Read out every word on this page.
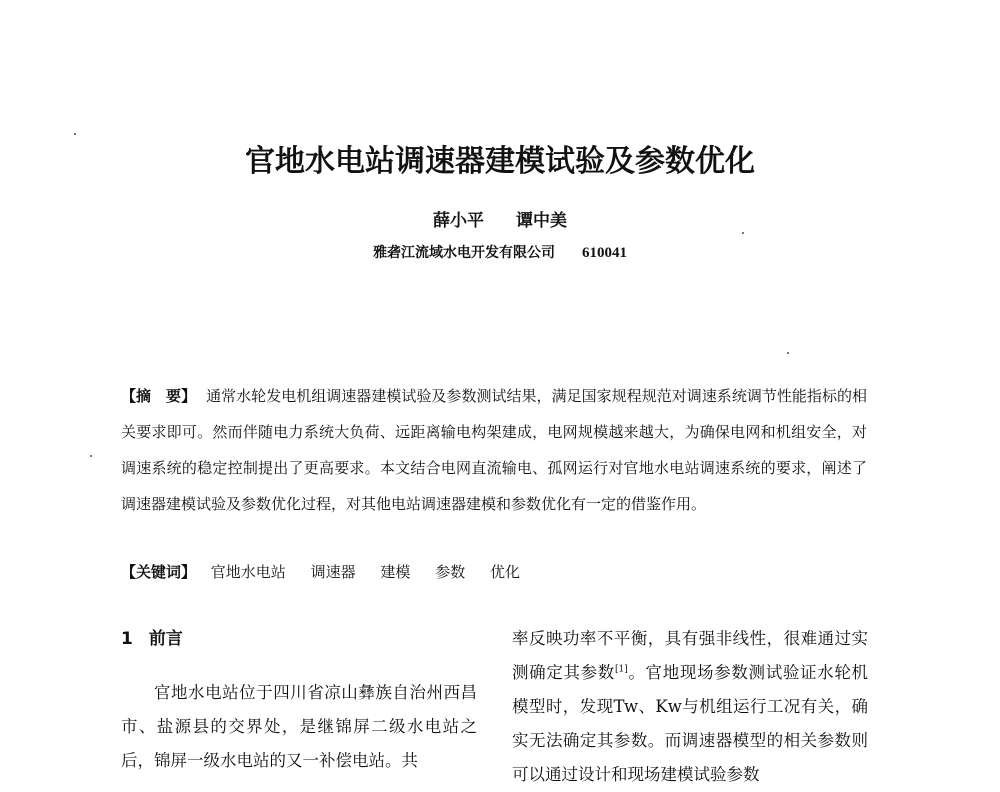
官地水电站调速器建模试验及参数优化
薛小平 谭中美
雅砻江流域水电开发有限公司 610041
【摘　要】 通常水轮发电机组调速器建模试验及参数测试结果，满足国家规程规范对调速系统调节性能指标的相关要求即可。然而伴随电力系统大负荷、远距离输电构架建成，电网规模越来越大，为确保电网和机组安全，对调速系统的稳定控制提出了更高要求。本文结合电网直流输电、孤网运行对官地水电站调速系统的要求，阐述了调速器建模试验及参数优化过程，对其他电站调速器建模和参数优化有一定的借鉴作用。
【关键词】 官地水电站 调速器 建模 参数 优化
1 前言

官地水电站位于四川省凉山彝族自治州西昌市、盐源县的交界处，是继锦屏二级水电站之后，锦屏一级水电站的又一补偿电站。共

率反映功率不平衡，具有强非线性，很难通过实测确定其参数[1]。官地现场参数测试验证水轮机模型时，发现Tw、Kw与机组运行工况有关，确实无法确定其参数。而调速器模型的相关参数则可以通过设计和现场建模试验参数
